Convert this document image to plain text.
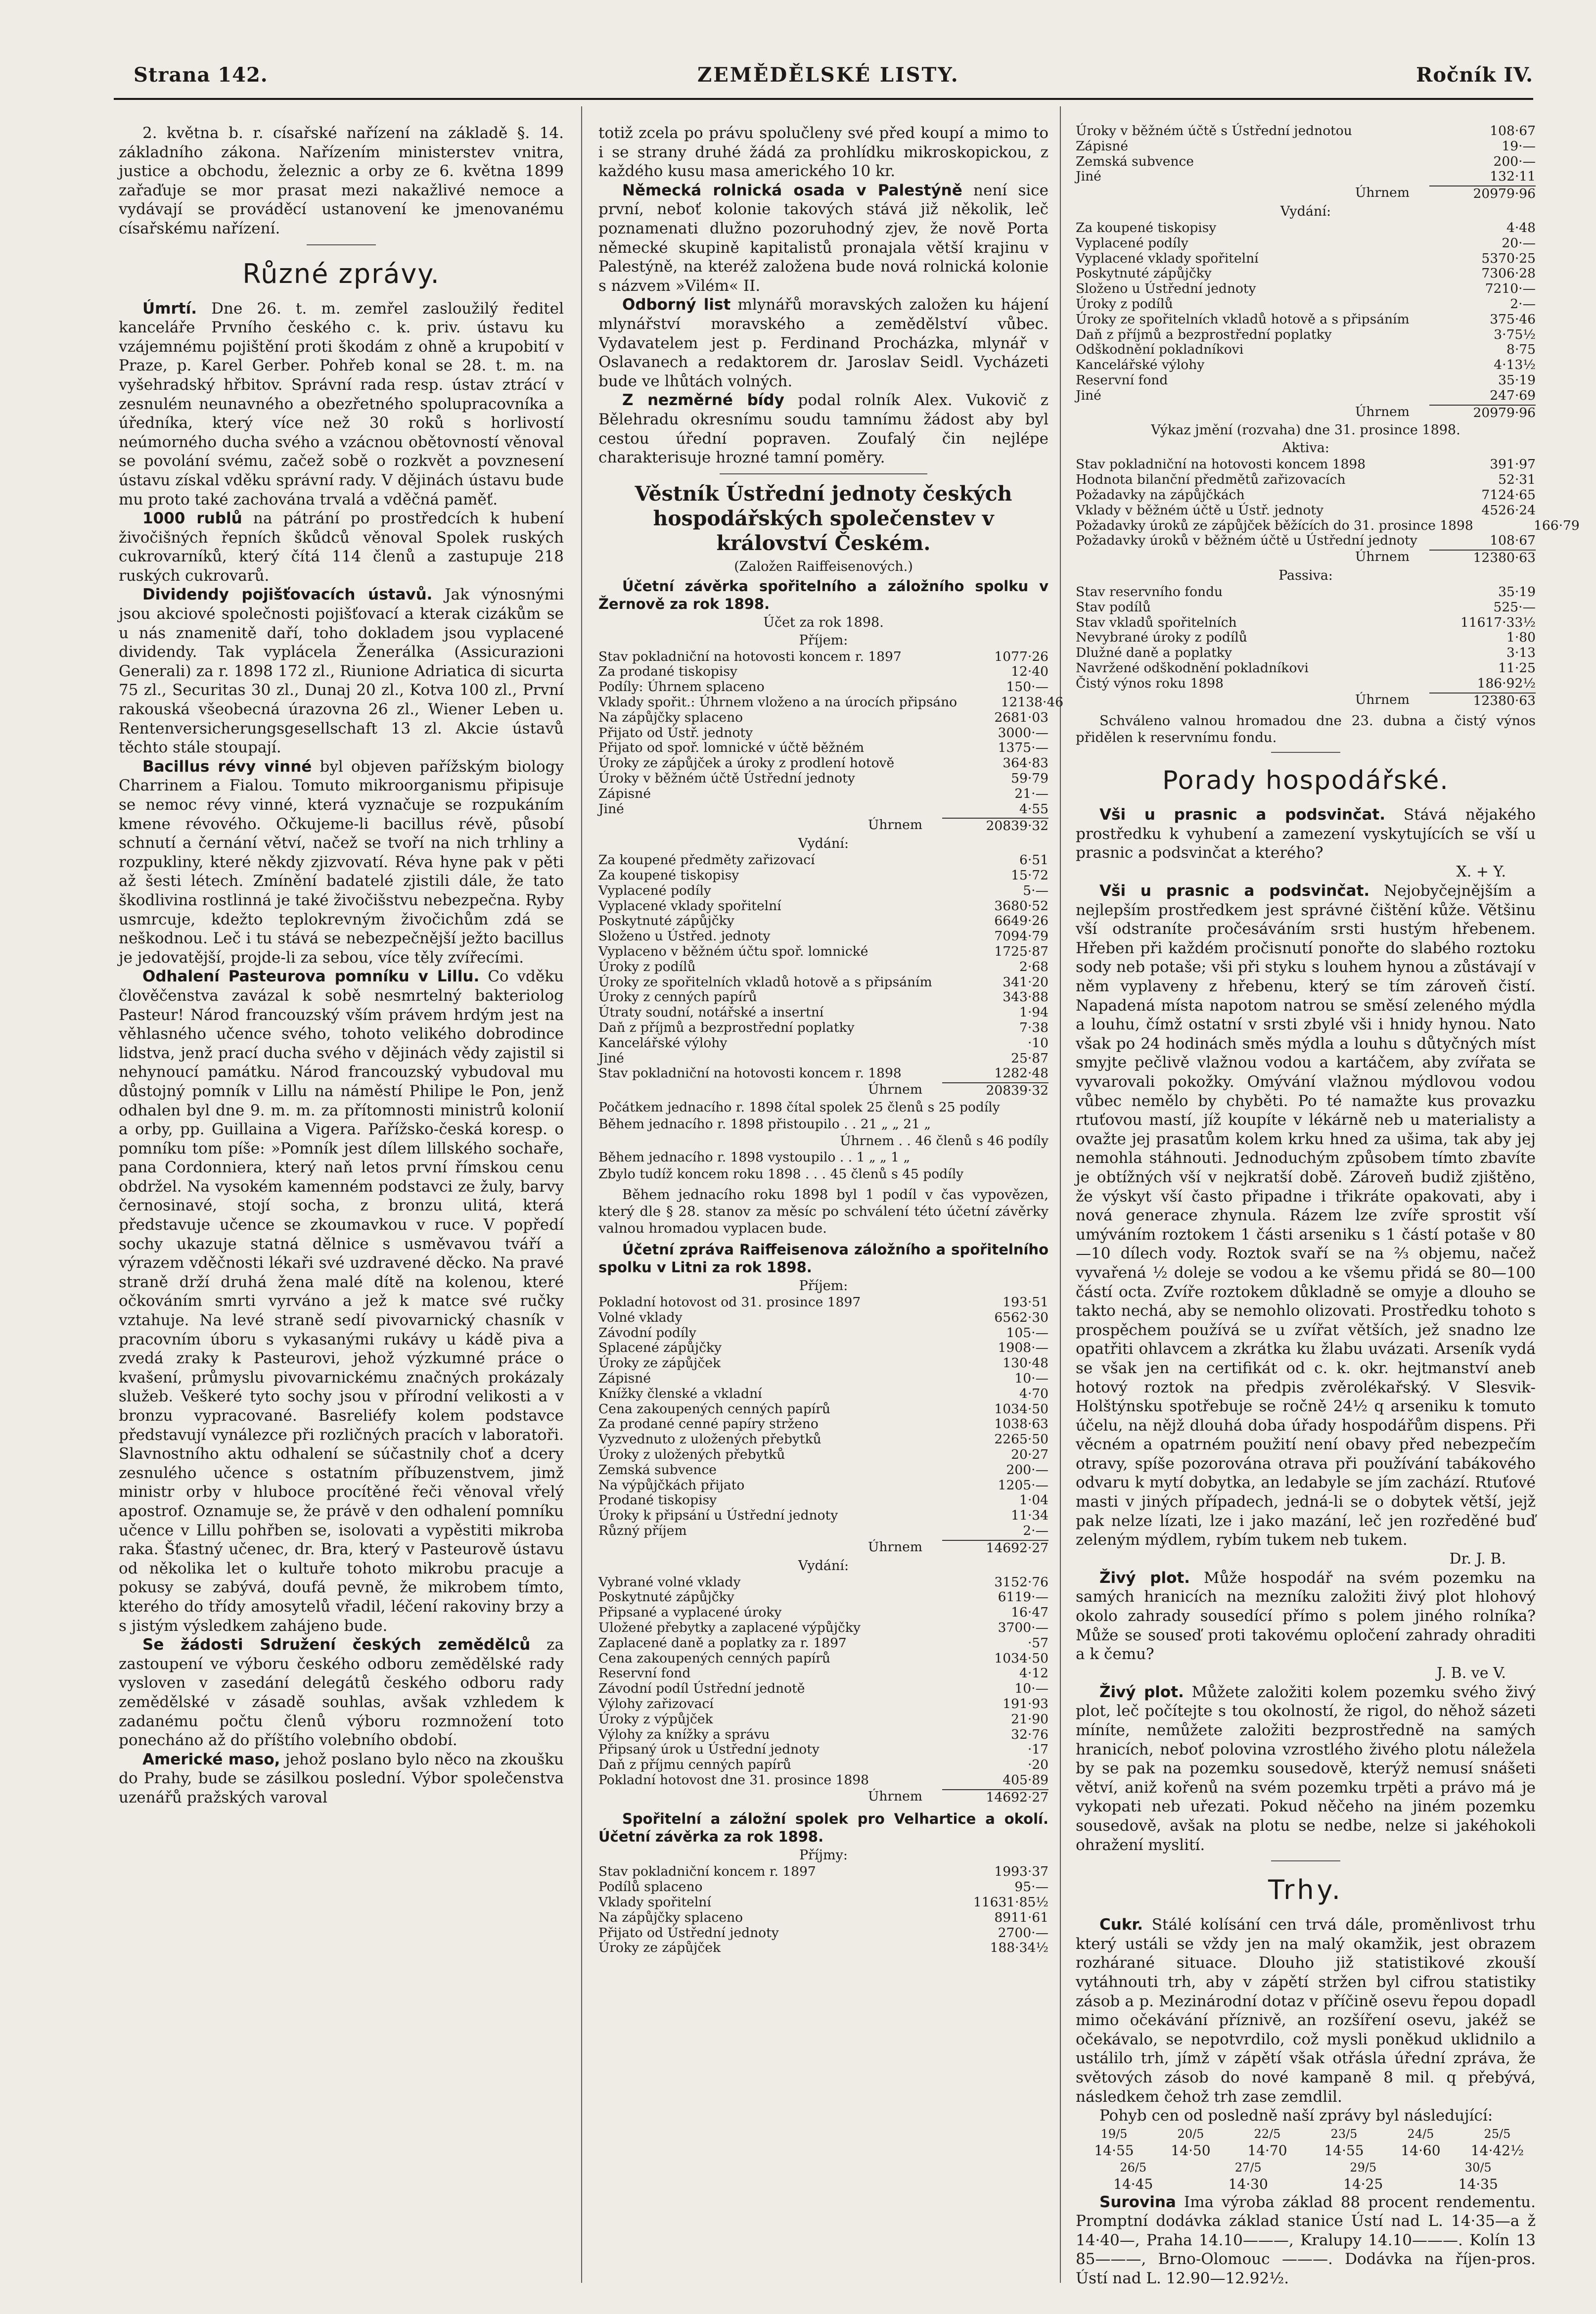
Strana 142.	ZEMĚDĚLSKÉ LISTY.	Ročník IV.

2. května b. r. císařské nařízení na základě §. 14. základního zákona. Nařízením ministerstev vnitra, justice a obchodu, železnic a orby ze 6. května 1899 zařaďuje se mor prasat mezi nakažlivé nemoce a vydávají se prováděcí ustanovení ke jmenovanému císařskému nařízení.

Různé zprávy.

Úmrtí. Dne 26. t. m. zemřel zasloužilý ředitel kanceláře Prvního českého c. k. priv. ústavu ku vzájemnému pojištění proti škodám z ohně a krupobití v Praze, p. Karel Gerber. Pohřeb konal se 28. t. m. na vyšehradský hřbitov. Správní rada resp. ústav ztrácí v zesnulém neunavného a obezřetného spolupracovníka a úředníka, který více než 30 roků s horlivostí neúmorného ducha svého a vzácnou obětovností věnoval se povolání svému, začež sobě o rozkvět a povznesení ústavu získal vděku správní rady. V dějinách ústavu bude mu proto také zachována trvalá a vděčná paměť.

1000 rublů na pátrání po prostředcích k hubení živočišných řepních škůdců věnoval Spolek ruských cukrovarníků, který čítá 114 členů a zastupuje 218 ruských cukrovarů.

Dividendy pojišťovacích ústavů. Jak výnosnými jsou akciové společnosti pojišťovací a kterak cizákům se u nás znamenitě daří, toho dokladem jsou vyplacené dividendy. Tak vyplácela Ženerálka (Assicurazioni Generali) za r. 1898 172 zl., Riunione Adriatica di sicurta 75 zl., Securitas 30 zl., Dunaj 20 zl., Kotva 100 zl., První rakouská všeobecná úrazovna 26 zl., Wiener Leben u. Rentenversicherungsgesellschaft 13 zl. Akcie ústavů těchto stále stoupají.

Bacillus révy vinné byl objeven pařížským biology Charrinem a Fialou. Tomuto mikroorganismu připisuje se nemoc révy vinné, která vyznačuje se rozpukáním kmene révového. Očkujeme-li bacillus révě, působí schnutí a černání větví, načež se tvoří na nich trhliny a rozpukliny, které někdy zjizvovatí. Réva hyne pak v pěti až šesti létech. Zmínění badatelé zjistili dále, že tato škodlivina rostlinná je také živočišstvu nebezpečna. Ryby usmrcuje, kdežto teplokrevným živočichům zdá se neškodnou. Leč i tu stává se nebezpečnější ježto bacillus je jedovatější, projde-li za sebou, více těly zvířecími.

Odhalení Pasteurova pomníku v Lillu. Co vděku člověčenstva zavázal k sobě nesmrtelný bakteriolog Pasteur! Národ francouzský vším právem hrdým jest na věhlasného učence svého, tohoto velikého dobrodince lidstva, jenž prací ducha svého v dějinách vědy zajistil si nehynoucí památku. Národ francouzský vybudoval mu důstojný pomník v Lillu na náměstí Philipe le Pon, jenž odhalen byl dne 9. m. m. za přítomnosti ministrů kolonií a orby, pp. Guillaina a Vigera. Pařížsko-česká koresp. o pomníku tom píše: »Pomník jest dílem lillského sochaře, pana Cordonniera, který naň letos první římskou cenu obdržel. Na vysokém kamenném podstavci ze žuly, barvy černosinavé, stojí socha, z bronzu ulitá, která představuje učence se zkoumavkou v ruce. V popředí sochy ukazuje statná dělnice s usměvavou tváří a výrazem vděčnosti lékaři své uzdravené děcko. Na pravé straně drží druhá žena malé dítě na kolenou, které očkováním smrti vyrváno a jež k matce své ručky vztahuje. Na levé straně sedí pivovarnický chasník v pracovním úboru s vykasanými rukávy u kádě piva a zvedá zraky k Pasteurovi, jehož výzkumné práce o kvašení, průmyslu pivovarnickému značných prokázaly služeb. Veškeré tyto sochy jsou v přírodní velikosti a v bronzu vypracované. Basreliéfy kolem podstavce představují vynálezce při rozličných pracích v laboratoři. Slavnostního aktu odhalení se súčastnily choť a dcery zesnulého učence s ostatním příbuzenstvem, jimž ministr orby v hluboce procítěné řeči věnoval vřelý apostrof. Oznamuje se, že právě v den odhalení pomníku učence v Lillu pohřben se, isolovati a vypěstiti mikroba raka. Šťastný učenec, dr. Bra, který v Pasteurově ústavu od několika let o kultuře tohoto mikrobu pracuje a pokusy se zabývá, doufá pevně, že mikrobem tímto, kterého do třídy amosytelů vřadil, léčení rakoviny brzy a s jistým výsledkem zahájeno bude.

Se žádosti Sdružení českých zemědělců za zastoupení ve výboru českého odboru zemědělské rady vysloven v zasedání delegátů českého odboru rady zemědělské v zásadě souhlas, avšak vzhledem k zadanému počtu členů výboru rozmnožení toto ponecháno až do příštího volebního období.

Americké maso, jehož poslano bylo něco na zkoušku do Prahy, bude se zásilkou poslední. Výbor společenstva uzenářů pražských varoval

totiž zcela po právu spolučleny své před koupí a mimo to i se strany druhé žádá za prohlídku mikroskopickou, z každého kusu masa amerického 10 kr.

Německá rolnická osada v Palestýně není sice první, neboť kolonie takových stává již několik, leč poznamenati dlužno pozoruhodný zjev, že nově Porta německé skupině kapitalistů pronajala větší krajinu v Palestýně, na kteréž založena bude nová rolnická kolonie s názvem »Vilém« II.

Odborný list mlynářů moravských založen ku hájení mlynářství moravského a zemědělství vůbec. Vydavatelem jest p. Ferdinand Procházka, mlynář v Oslavanech a redaktorem dr. Jaroslav Seidl. Vycházeti bude ve lhůtách volných.

Z nezměrné bídy podal rolník Alex. Vukovič z Bělehradu okresnímu soudu tamnímu žádost aby byl cestou úřední popraven. Zoufalý čin nejlépe charakterisuje hrozné tamní poměry.

Věstník Ústřední jednoty českých hospodářských společenstev v království Českém.
(Založen Raiffeisenových.)

Účetní závěrka spořitelního a záložního spolku v Žernově za rok 1898.

Účet za rok 1898.
Příjem:
Stav pokladniční na hotovosti koncem r. 1897	1077·26
Za prodané tiskopisy	12·40
Podíly: Úhrnem splaceno	150·—
Vklady spořit.: Úhrnem vloženo a na úrocích připsáno	12138·46
Na zápůjčky splaceno	2681·03
Přijato od Ústř. jednoty	3000·—
Přijato od spoř. lomnické v účtě běžném	1375·—
Úroky ze zápůjček a úroky z prodlení hotově	364·83
Úroky v běžném účtě Ústřední jednoty	59·79
Zápisné	21·—
Jiné	4·55
Úhrnem	20839·32
Vydání:
Za koupené předměty zařizovací	6·51
Za koupené tiskopisy	15·72
Vyplacené podíly	5·—
Vyplacené vklady spořitelní	3680·52
Poskytnuté zápůjčky	6649·26
Složeno u Ústřed. jednoty	7094·79
Vyplaceno v běžném účtu spoř. lomnické	1725·87
Úroky z podílů	2·68
Úroky ze spořitelních vkladů hotově a s připsáním	341·20
Úroky z cenných papírů	343·88
Útraty soudní, notářské a insertní	1·94
Daň z příjmů a bezprostřední poplatky	7·38
Kancelářské výlohy	·10
Jiné	25·87
Stav pokladniční na hotovosti koncem r. 1898	1282·48
Úhrnem	20839·32
Počátkem jednacího r. 1898 čítal spolek 25 členů s 25 podíly
Během jednacího r. 1898 přistoupilo . . 21 „ „ 21 „
Úhrnem . . 46 členů s 46 podíly
Během jednacího r. 1898 vystoupilo . . 1 „ „ 1 „
Zbylo tudíž koncem roku 1898 . . . 45 členů s 45 podíly
Během jednacího roku 1898 byl 1 podíl v čas vypovězen, který dle § 28. stanov za měsíc po schválení této účetní závěrky valnou hromadou vyplacen bude.

Účetní zpráva Raiffeisenova záložního a spořitelního spolku v Litni za rok 1898.

Příjem:
Pokladní hotovost od 31. prosince 1897	193·51
Volné vklady	6562·30
Závodní podíly	105·—
Splacené zápůjčky	1908·—
Úroky ze zápůjček	130·48
Zápisné	10·—
Knížky členské a vkladní	4·70
Cena zakoupených cenných papírů	1034·50
Za prodané cenné papíry strženo	1038·63
Vyzvednuto z uložených přebytků	2265·50
Úroky z uložených přebytků	20·27
Zemská subvence	200·—
Na výpůjčkách přijato	1205·—
Prodané tiskopisy	1·04
Úroky k připsání u Ústřední jednoty	11·34
Různý příjem	2·—
Úhrnem	14692·27
Vydání:
Vybrané volné vklady	3152·76
Poskytnuté zápůjčky	6119·—
Připsané a vyplacené úroky	16·47
Uložené přebytky a zaplacené výpůjčky	3700·—
Zaplacené daně a poplatky za r. 1897	·57
Cena zakoupených cenných papírů	1034·50
Reservní fond	4·12
Závodní podíl Ústřední jednotě	10·—
Výlohy zařizovací	191·93
Úroky z výpůjček	21·90
Výlohy za knížky a správu	32·76
Připsaný úrok u Ústřední jednoty	·17
Daň z příjmu cenných papírů	·20
Pokladní hotovost dne 31. prosince 1898	405·89
Úhrnem	14692·27

Spořitelní a záložní spolek pro Velhartice a okolí. Účetní závěrka za rok 1898.

Příjmy:
Stav pokladniční koncem r. 1897	1993·37
Podílů splaceno	95·—
Vklady spořitelní	11631·85½
Na zápůjčky splaceno	8911·61
Přijato od Ústřední jednoty	2700·—
Úroky ze zápůjček	188·34½
Úroky v běžném účtě s Ústřední jednotou	108·67
Zápisné	19·—
Zemská subvence	200·—
Jiné	132·11
Úhrnem	20979·96
Vydání:
Za koupené tiskopisy	4·48
Vyplacené podíly	20·—
Vyplacené vklady spořitelní	5370·25
Poskytnuté zápůjčky	7306·28
Složeno u Ústřední jednoty	7210·—
Úroky z podílů	2·—
Úroky ze spořitelních vkladů hotově a s připsáním	375·46
Daň z příjmů a bezprostřední poplatky	3·75½
Odškodnění pokladníkovi	8·75
Kancelářské výlohy	4·13½
Reservní fond	35·19
Jiné	247·69
Úhrnem	20979·96
Výkaz jmění (rozvaha) dne 31. prosince 1898.
Aktiva:
Stav pokladniční na hotovosti koncem 1898	391·97
Hodnota bilanční předmětů zařizovacích	52·31
Požadavky na zápůjčkách	7124·65
Vklady v běžném účtě u Ústř. jednoty	4526·24
Požadavky úroků ze zápůjček běžících do 31. prosince 1898	166·79
Požadavky úroků v běžném účtě u Ústřední jednoty	108·67
Úhrnem	12380·63
Passiva:
Stav reservního fondu	35·19
Stav podílů	525·—
Stav vkladů spořitelních	11617·33½
Nevybrané úroky z podílů	1·80
Dlužné daně a poplatky	3·13
Navržené odškodnění pokladníkovi	11·25
Čistý výnos roku 1898	186·92½
Úhrnem	12380·63
Schváleno valnou hromadou dne 23. dubna a čistý výnos přidělen k reservnímu fondu.
Porady hospodářské.

Vši u prasnic a podsvinčat. Stává nějakého prostředku k vyhubení a zamezení vyskytujících se vší u prasnic a podsvinčat a kterého?

X. + Y.

Vši u prasnic a podsvinčat. Nejobyčejnějším a nejlepším prostředkem jest správné čištění kůže. Většinu vší odstraníte pročesáváním srsti hustým hřebenem. Hřeben při každém pročisnutí ponořte do slabého roztoku sody neb potaše; vši při styku s louhem hynou a zůstávají v něm vyplaveny z hřebenu, který se tím zároveň čistí. Napadená místa napotom natrou se směsí zeleného mýdla a louhu, čímž ostatní v srsti zbylé vši i hnidy hynou. Nato však po 24 hodinách směs mýdla a louhu s důtyčných míst smyjte pečlivě vlažnou vodou a kartáčem, aby zvířata se vyvarovali pokožky. Omývání vlažnou mýdlovou vodou vůbec nemělo by chyběti. Po té namažte kus provazku rtuťovou mastí, jíž koupíte v lékárně neb u materialisty a ovažte jej prasatům kolem krku hned za ušima, tak aby jej nemohla stáhnouti. Jednoduchým způsobem tímto zbavíte je obtížných vší v nejkratší době. Zároveň budiž zjištěno, že výskyt vší často připadne i třikráte opakovati, aby i nová generace zhynula. Rázem lze zvíře sprostit vší umýváním roztokem 1 části arseniku s 1 částí potaše v 80—10 dílech vody. Roztok svaří se na ⅔ objemu, načež vyvařená ½ doleje se vodou a ke všemu přidá se 80—100 částí octa. Zvíře roztokem důkladně se omyje a dlouho se takto nechá, aby se nemohlo olizovati. Prostředku tohoto s prospěchem používá se u zvířat větších, jež snadno lze opatřiti ohlavcem a zkrátka ku žlabu uvázati. Arseník vydá se však jen na certifikát od c. k. okr. hejtmanství aneb hotový roztok na předpis zvěrolékařský. V Slesvik-Holštýnsku spotřebuje se ročně 24½ q arseniku k tomuto účelu, na nějž dlouhá doba úřady hospodářům dispens. Při věcném a opatrném použití není obavy před nebezpečím otravy, spíše pozorována otrava při používání tabákového odvaru k mytí dobytka, an ledabyle se jím zachází. Rtuťové masti v jiných případech, jedná-li se o dobytek větší, jejž pak nelze lízati, lze i jako mazání, leč jen rozředěné buď zeleným mýdlem, rybím tukem neb tukem.

Dr. J. B.

Živý plot. Může hospodář na svém pozemku na samých hranicích na mezníku založiti živý plot hlohový okolo zahrady sousedící přímo s polem jiného rolníka? Může se souseď proti takovému opločení zahrady ohraditi a k čemu?

J. B. ve V.

Živý plot. Můžete založiti kolem pozemku svého živý plot, leč počítejte s tou okolností, že rigol, do něhož sázeti míníte, nemůžete založiti bezprostředně na samých hranicích, neboť polovina vzrostlého živého plotu náležela by se pak na pozemku sousedově, kterýž nemusí snášeti větví, aniž kořenů na svém pozemku trpěti a právo má je vykopati neb uřezati. Pokud něčeho na jiném pozemku sousedově, avšak na plotu se nedbe, nelze si jakéhokoli ohražení myslití.

Trhy.

Cukr. Stálé kolísání cen trvá dále, proměnlivost trhu který ustáli se vždy jen na malý okamžik, jest obrazem rozhárané situace. Dlouho již statistikové zkouší vytáhnouti trh, aby v zápětí stržen byl cifrou statistiky zásob a p. Mezinárodní dotaz v příčině osevu řepou dopadl mimo očekávání příznivě, an rozšíření osevu, jakéž se očekávalo, se nepotvrdilo, což mysli poněkud uklidnilo a ustálilo trh, jímž v zápětí však otřásla úřední zpráva, že světových zásob do nové kampaně 8 mil. q přebývá, následkem čehož trh zase zemdlil.

Pohyb cen od posledně naší zprávy byl následující:

19/5	20/5	22/5	23/5	24/5	25/5
14·55	14·50	14·70	14·55	14·60	14·42½
26/5	27/5	29/5	30/5
14·45	14·30	14·25	14·35

Surovina Ima výroba základ 88 procent rendementu. Promptní dodávka základ stanice Ústí nad L. 14·35—a ž 14·40—, Praha 14.10———, Kralupy 14.10———. Kolín 13 85———, Brno-Olomouc ———. Dodávka na říjen-pros. Ústí nad L. 12.90—12.92½.
